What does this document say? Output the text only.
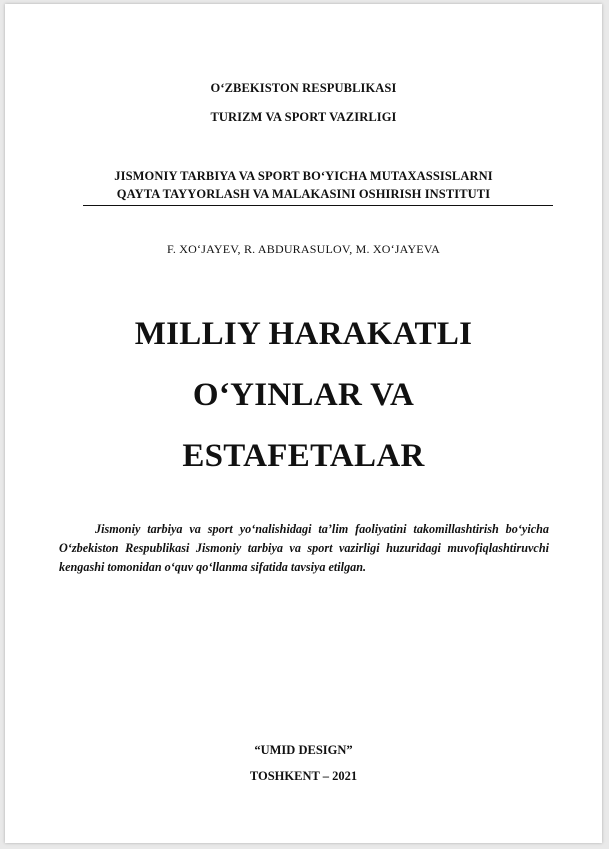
O‘ZBEKISTON RESPUBLIKASI
TURIZM VA SPORT VAZIRLIGI
JISMONIY TARBIYA VA SPORT BO‘YICHA MUTAXASSISLARNI
QAYTA TAYYORLASH VA MALAKASINI OSHIRISH INSTITUTI
F. XO‘JAYEV, R. ABDURASULOV, M. XO‘JAYEVA
MILLIY HARAKATLI
O‘YINLAR VA
ESTAFETALAR
Jismoniy tarbiya va sport yo‘nalishidagi ta’lim faoliyatini takomillashtirish bo‘yicha O‘zbekiston Respublikasi Jismoniy tarbiya va sport vazirligi huzuridagi muvofiqlashtiruvchi kengashi tomonidan o‘quv qo‘llanma sifatida tavsiya etilgan.
“UMID DESIGN”
TOSHKENT – 2021
